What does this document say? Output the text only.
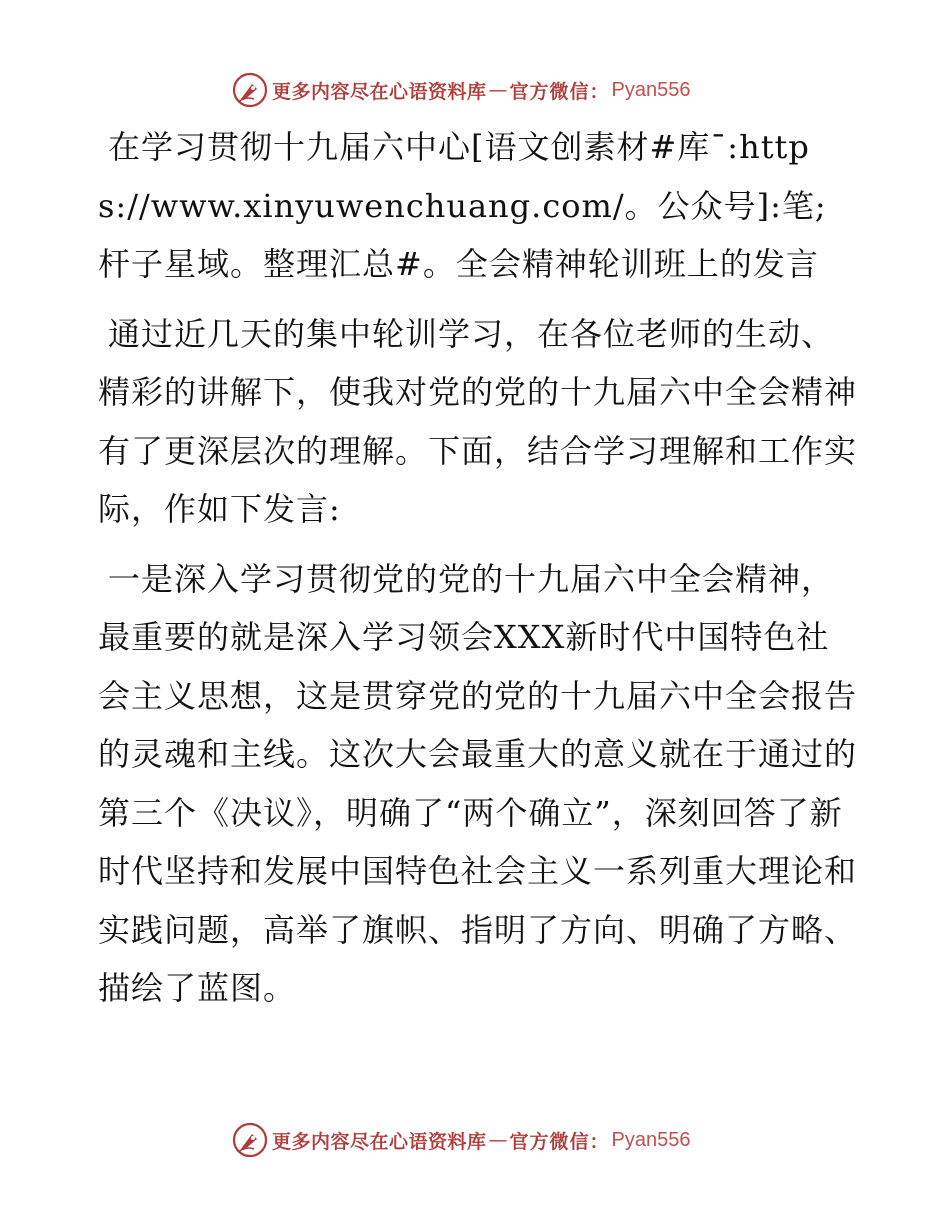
更多内容尽在心语资料库 — 官方微信： Pyan556

在学习贯彻十九届六中心[语文创素材#库¯:https://www.xinyuwenchuang.com/。公众号]:笔;杆子星域。整理汇总#。全会精神轮训班上的发言

通过近几天的集中轮训学习，在各位老师的生动、精彩的讲解下，使我对党的党的十九届六中全会精神有了更深层次的理解。下面，结合学习理解和工作实际，作如下发言:

一是深入学习贯彻党的党的十九届六中全会精神，最重要的就是深入学习领会XXX新时代中国特色社会主义思想，这是贯穿党的党的十九届六中全会报告的灵魂和主线。这次大会最重大的意义就在于通过的第三个《决议》，明确了“两个确立”，深刻回答了新时代坚持和发展中国特色社会主义一系列重大理论和实践问题，高举了旗帜、指明了方向、明确了方略、描绘了蓝图。

更多内容尽在心语资料库 — 官方微信： Pyan556
